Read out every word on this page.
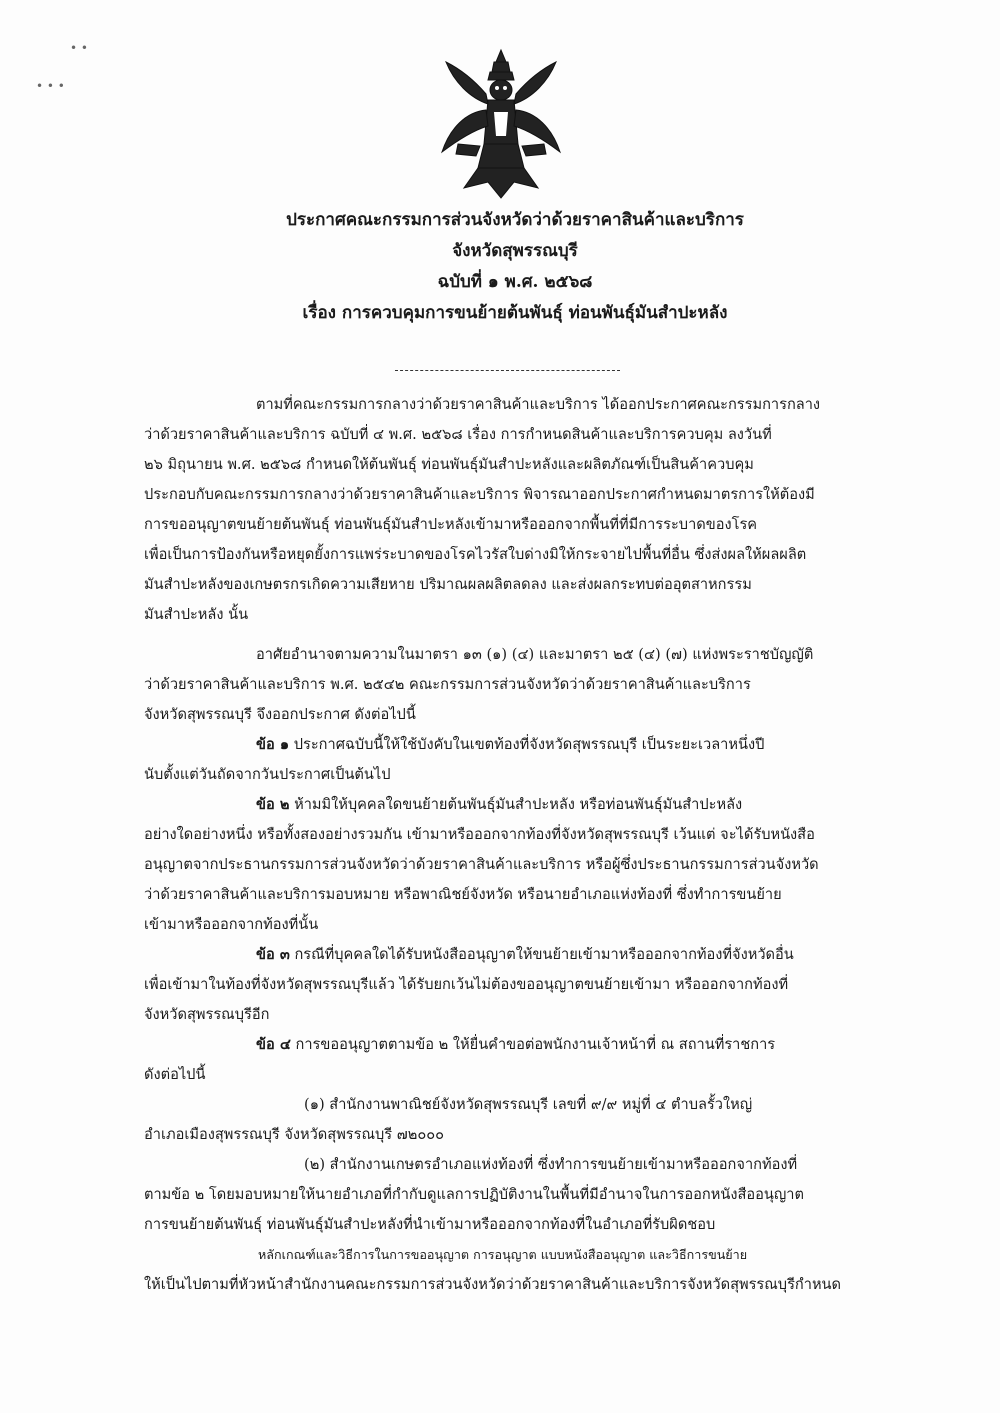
• •
• • •
ประกาศคณะกรรมการส่วนจังหวัดว่าด้วยราคาสินค้าและบริการ
จังหวัดสุพรรณบุรี
ฉบับที่ ๑ พ.ศ. ๒๕๖๘
เรื่อง การควบคุมการขนย้ายต้นพันธุ์ ท่อนพันธุ์มันสำปะหลัง
ตามที่คณะกรรมการกลางว่าด้วยราคาสินค้าและบริการ ได้ออกประกาศคณะกรรมการกลาง
ว่าด้วยราคาสินค้าและบริการ ฉบับที่ ๔ พ.ศ. ๒๕๖๘ เรื่อง การกำหนดสินค้าและบริการควบคุม ลงวันที่
๒๖ มิถุนายน พ.ศ. ๒๕๖๘ กำหนดให้ต้นพันธุ์ ท่อนพันธุ์มันสำปะหลังและผลิตภัณฑ์เป็นสินค้าควบคุม
ประกอบกับคณะกรรมการกลางว่าด้วยราคาสินค้าและบริการ พิจารณาออกประกาศกำหนดมาตรการให้ต้องมี
การขออนุญาตขนย้ายต้นพันธุ์ ท่อนพันธุ์มันสำปะหลังเข้ามาหรือออกจากพื้นที่ที่มีการระบาดของโรค
เพื่อเป็นการป้องกันหรือหยุดยั้งการแพร่ระบาดของโรคไวรัสใบด่างมิให้กระจายไปพื้นที่อื่น ซึ่งส่งผลให้ผลผลิต
มันสำปะหลังของเกษตรกรเกิดความเสียหาย ปริมาณผลผลิตลดลง และส่งผลกระทบต่ออุตสาหกรรม
มันสำปะหลัง นั้น
อาศัยอำนาจตามความในมาตรา ๑๓ (๑) (๔) และมาตรา ๒๕ (๔) (๗) แห่งพระราชบัญญัติ
ว่าด้วยราคาสินค้าและบริการ พ.ศ. ๒๕๔๒ คณะกรรมการส่วนจังหวัดว่าด้วยราคาสินค้าและบริการ
จังหวัดสุพรรณบุรี จึงออกประกาศ ดังต่อไปนี้
ข้อ ๑ ประกาศฉบับนี้ให้ใช้บังคับในเขตท้องที่จังหวัดสุพรรณบุรี เป็นระยะเวลาหนึ่งปี
นับตั้งแต่วันถัดจากวันประกาศเป็นต้นไป
ข้อ ๒ ห้ามมิให้บุคคลใดขนย้ายต้นพันธุ์มันสำปะหลัง หรือท่อนพันธุ์มันสำปะหลัง
อย่างใดอย่างหนึ่ง หรือทั้งสองอย่างรวมกัน เข้ามาหรือออกจากท้องที่จังหวัดสุพรรณบุรี เว้นแต่ จะได้รับหนังสือ
อนุญาตจากประธานกรรมการส่วนจังหวัดว่าด้วยราคาสินค้าและบริการ หรือผู้ซึ่งประธานกรรมการส่วนจังหวัด
ว่าด้วยราคาสินค้าและบริการมอบหมาย หรือพาณิชย์จังหวัด หรือนายอำเภอแห่งท้องที่ ซึ่งทำการขนย้าย
เข้ามาหรือออกจากท้องที่นั้น
ข้อ ๓ กรณีที่บุคคลใดได้รับหนังสืออนุญาตให้ขนย้ายเข้ามาหรือออกจากท้องที่จังหวัดอื่น
เพื่อเข้ามาในท้องที่จังหวัดสุพรรณบุรีแล้ว ได้รับยกเว้นไม่ต้องขออนุญาตขนย้ายเข้ามา หรือออกจากท้องที่
จังหวัดสุพรรณบุรีอีก
ข้อ ๔ การขออนุญาตตามข้อ ๒ ให้ยื่นคำขอต่อพนักงานเจ้าหน้าที่ ณ สถานที่ราชการ
ดังต่อไปนี้
(๑) สำนักงานพาณิชย์จังหวัดสุพรรณบุรี เลขที่ ๙/๙ หมู่ที่ ๔ ตำบลรั้วใหญ่
อำเภอเมืองสุพรรณบุรี จังหวัดสุพรรณบุรี ๗๒๐๐๐
(๒) สำนักงานเกษตรอำเภอแห่งท้องที่ ซึ่งทำการขนย้ายเข้ามาหรือออกจากท้องที่
ตามข้อ ๒ โดยมอบหมายให้นายอำเภอที่กำกับดูแลการปฏิบัติงานในพื้นที่มีอำนาจในการออกหนังสืออนุญาต
การขนย้ายต้นพันธุ์ ท่อนพันธุ์มันสำปะหลังที่นำเข้ามาหรือออกจากท้องที่ในอำเภอที่รับผิดชอบ
หลักเกณฑ์และวิธีการในการขออนุญาต การอนุญาต แบบหนังสืออนุญาต และวิธีการขนย้าย
ให้เป็นไปตามที่หัวหน้าสำนักงานคณะกรรมการส่วนจังหวัดว่าด้วยราคาสินค้าและบริการจังหวัดสุพรรณบุรีกำหนด
